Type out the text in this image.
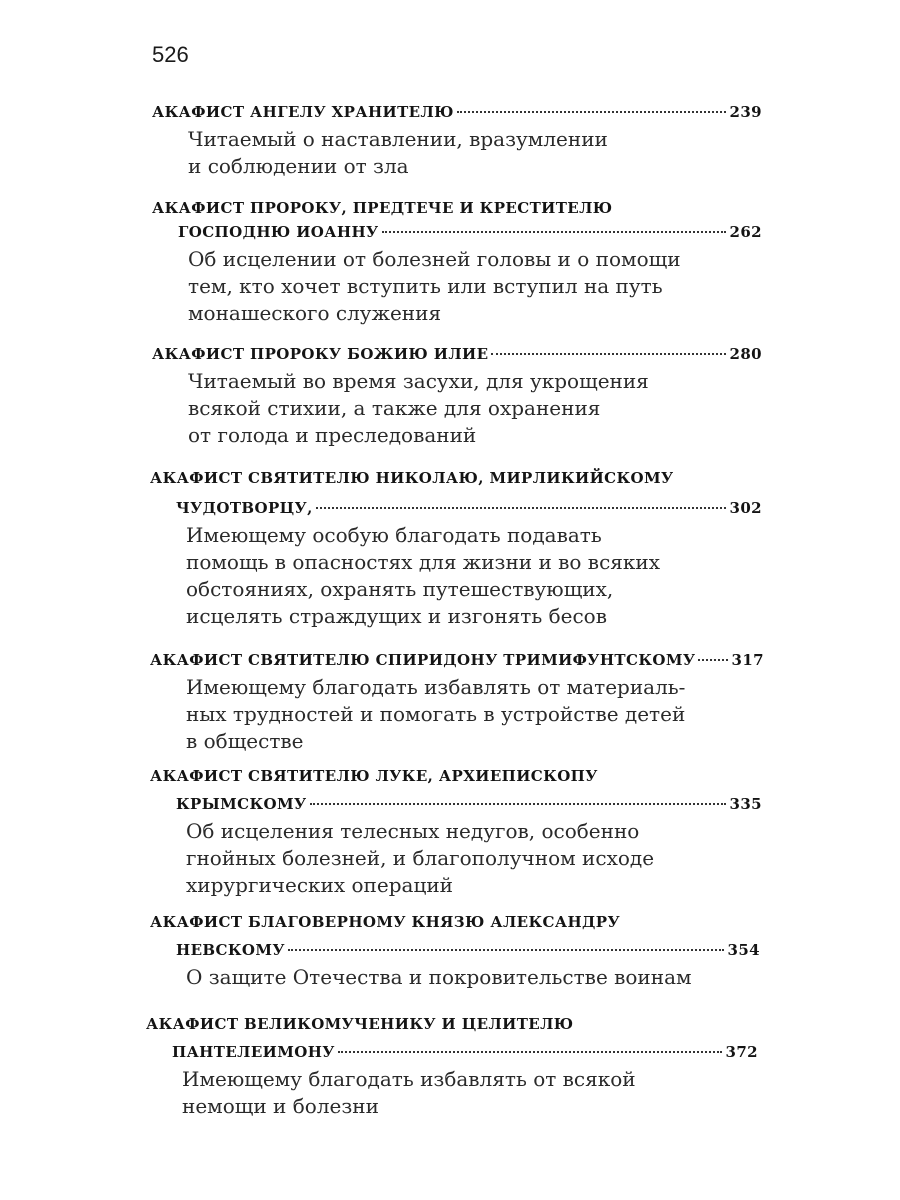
526
АКАФИСТ АНГЕЛУ ХРАНИТЕЛЮ	239
Читаемый о наставлении, вразумлении
и соблюдении от зла
АКАФИСТ ПРОРОКУ, ПРЕДТЕЧЕ И КРЕСТИТЕЛЮ
ГОСПОДНЮ ИОАННУ	262
Об исцелении от болезней головы и о помощи
тем, кто хочет вступить или вступил на путь
монашеского служения
АКАФИСТ ПРОРОКУ БОЖИЮ ИЛИЕ	280
Читаемый во время засухи, для укрощения
всякой стихии, а также для охранения
от голода и преследований
АКАФИСТ СВЯТИТЕЛЮ НИКОЛАЮ, МИРЛИКИЙСКОМУ
ЧУДОТВОРЦУ,	302
Имеющему особую благодать подавать
помощь в опасностях для жизни и во всяких
обстояниях, охранять путешествующих,
исцелять страждущих и изгонять бесов
АКАФИСТ СВЯТИТЕЛЮ СПИРИДОНУ ТРИМИФУНТСКОМУ 317
Имеющему благодать избавлять от материаль-
ных трудностей и помогать в устройстве детей
в обществе
АКАФИСТ СВЯТИТЕЛЮ ЛУКЕ, АРХИЕПИСКОПУ
КРЫМСКОМУ	335
Об исцеления телесных недугов, особенно
гнойных болезней, и благополучном исходе
хирургических операций
АКАФИСТ БЛАГОВЕРНОМУ КНЯЗЮ АЛЕКСАНДРУ
НЕВСКОМУ	354
О защите Отечества и покровительстве воинам
АКАФИСТ ВЕЛИКОМУЧЕНИКУ И ЦЕЛИТЕЛЮ
ПАНТЕЛЕИМОНУ	372
Имеющему благодать избавлять от всякой
немощи и болезни
